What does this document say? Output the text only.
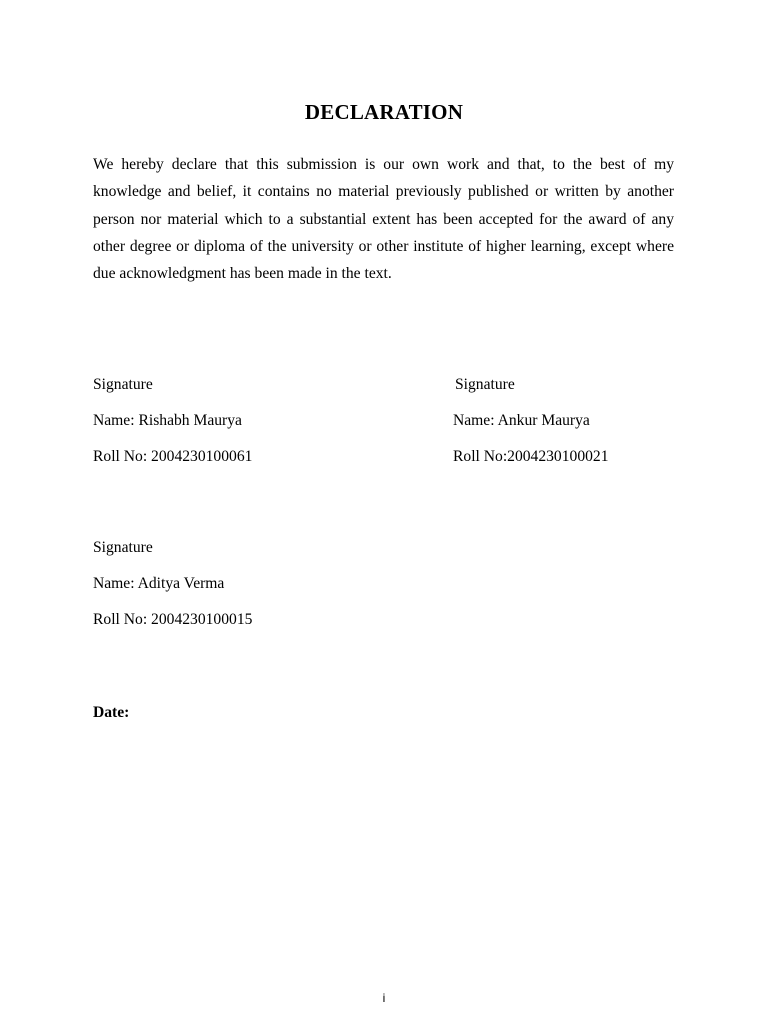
DECLARATION

We hereby declare that this submission is our own work and that, to the best of my knowledge and belief, it contains no material previously published or written by another person nor material which to a substantial extent has been accepted for the award of any other degree or diploma of the university or other institute of higher learning, except where due acknowledgment has been made in the text.

Signature
Name: Rishabh Maurya
Roll No: 2004230100061
Signature
Name: Ankur Maurya
Roll No:2004230100021
Signature
Name: Aditya Verma
Roll No: 2004230100015
Date:
i
